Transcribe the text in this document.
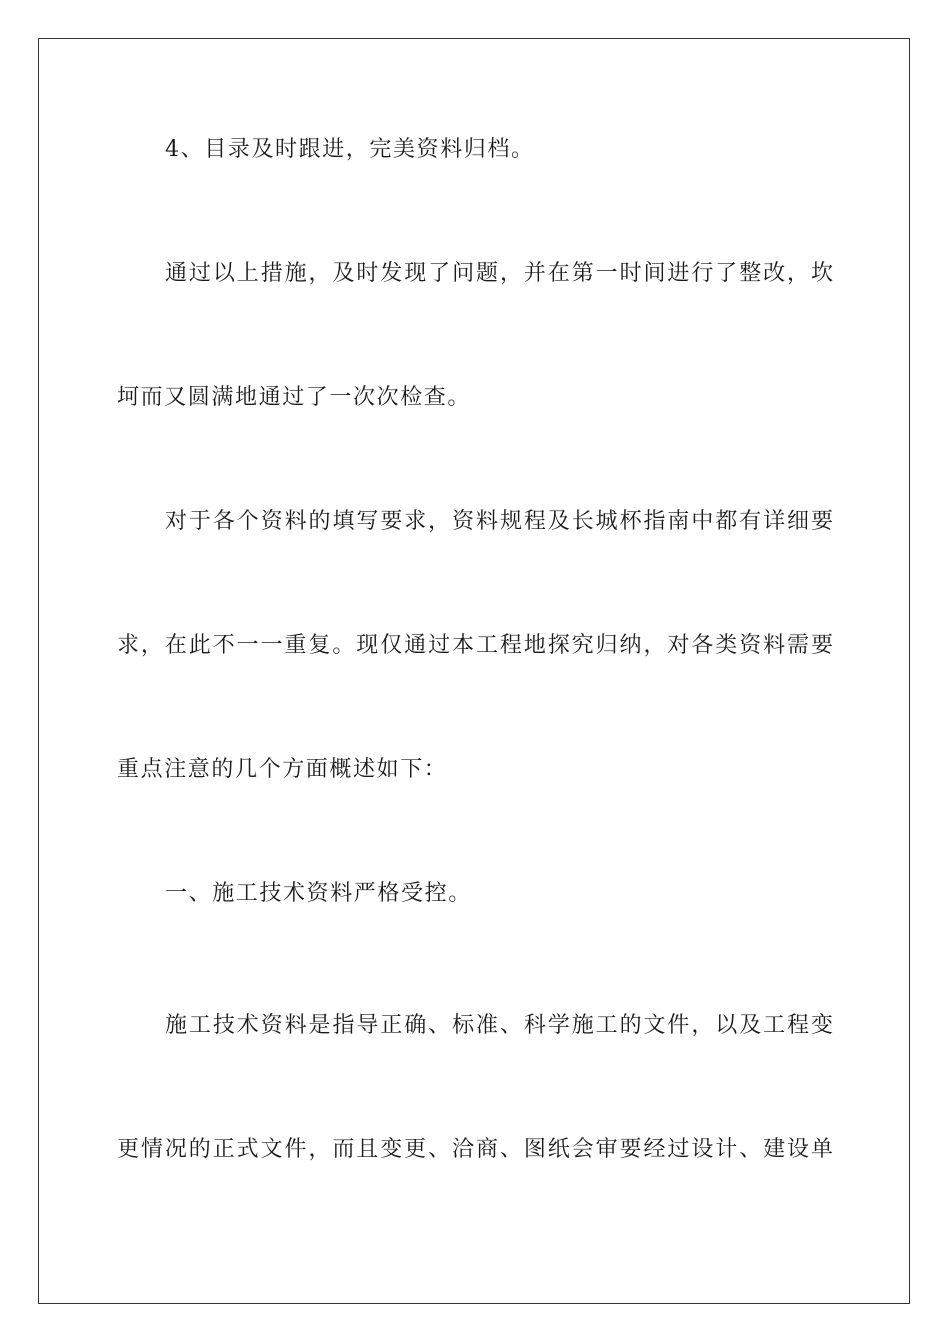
4、目录及时跟进，完美资料归档。
通过以上措施，及时发现了问题，并在第一时间进行了整改，坎
坷而又圆满地通过了一次次检查。
对于各个资料的填写要求，资料规程及长城杯指南中都有详细要
求，在此不一一重复。现仅通过本工程地探究归纳，对各类资料需要
重点注意的几个方面概述如下：
一、施工技术资料严格受控。
施工技术资料是指导正确、标准、科学施工的文件，以及工程变
更情况的正式文件，而且变更、洽商、图纸会审要经过设计、建设单
